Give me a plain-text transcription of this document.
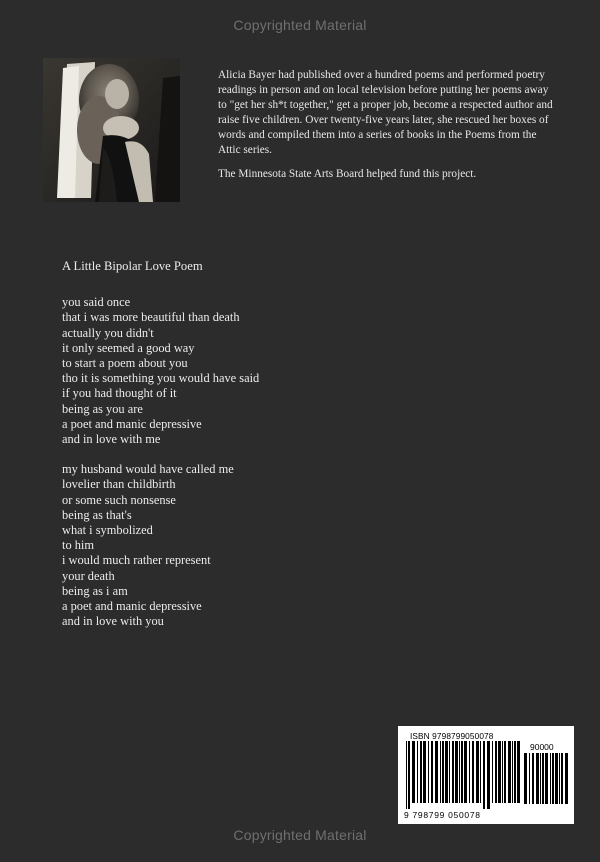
Copyrighted Material

Alicia Bayer had published over a hundred poems and performed poetry readings in person and on local television before putting her poems away to "get her sh*t together," get a proper job, become a respected author and raise five children. Over twenty-five years later, she rescued her boxes of words and compiled them into a series of books in the Poems from the Attic series.

The Minnesota State Arts Board helped fund this project.

A Little Bipolar Love Poem

you said once
that i was more beautiful than death
actually you didn't
it only seemed a good way
to start a poem about you
tho it is something you would have said
if you had thought of it
being as you are
a poet and manic depressive
and in love with me
my husband would have called me
lovelier than childbirth
or some such nonsense
being as that's
what i symbolized
to him
i would much rather represent
your death
being as i am
a poet and manic depressive
and in love with you
ISBN 9798799050078
90000
9 798799 050078
Copyrighted Material
